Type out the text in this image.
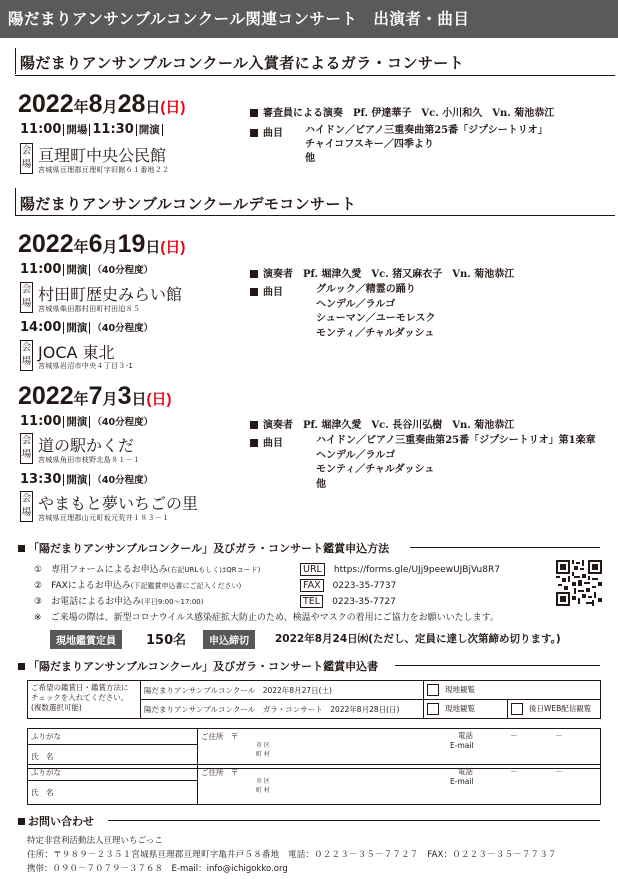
陽だまりアンサンブルコンクール関連コンサート　出演者・曲目
陽だまりアンサンブルコンクール入賞者によるガラ・コンサート
2022年8月28日(日)
11:00 開場 11:30 開演
会
場 亘理町中央公民館
宮城県亘理郡亘理町字旧館６１番地２２
審査員による演奏　 Pf. 伊達華子　Vc. 小川和久　Vn. 菊池恭江
曲目 ハイドン／ピアノ三重奏曲第25番「ジプシートリオ」
チャイコフスキー／四季より
他
陽だまりアンサンブルコンクールデモコンサート
2022年6月19日(日)
11:00 開演 （40分程度）
会
場 村田町歴史みらい館
宮城県柴田郡村田町村田迫８５
14:00 開演 （40分程度）
会
場 JOCA 東北
宮城県岩沼市中央４丁目３-1
演奏者　 Pf. 堀津久愛　Vc. 猪又麻衣子　Vn. 菊池恭江
曲目	グルック／精霊の踊り
ヘンデル／ラルゴ
シューマン／ユーモレスク
モンティ／チャルダッシュ
2022年7月3日(日)
11:00 開演 （40分程度）
会
場 道の駅かくだ
宮城県角田市枝野北島８１－１
13:30 開演 （40分程度）
会
場 やまもと夢いちごの里
宮城県亘理郡山元町坂元荒井１８３－１
演奏者　 Pf. 堀津久愛　Vc. 長谷川弘樹　Vn. 菊池恭江
曲目	ハイドン／ピアノ三重奏曲第25番「ジプシートリオ」第1楽章
ヘンデル／ラルゴ
モンティ／チャルダッシュ
他
「陽だまりアンサンブルコンクール」及びガラ・コンサート鑑賞申込方法
①　 専用フォームによるお申込み(右記URLもしくはQRコード)	URL　 https://forms.gle/UJj9peewUJBjVu8R7
②　 FAXによるお申込み(下記鑑賞申込書にご記入ください)	FAX　 0223-35-7737
③　 お電話によるお申込み(平日9:00～17:00)	TEL　 0223-35-7727
※　 ご来場の際は、新型コロナウイルス感染症拡大防止のため、検温やマスクの着用にご協力をお願いいたします。
現地鑑賞定員	150名	申込締切	2022年8月24日㈬(ただし、定員に達し次第締め切ります。)
「陽だまりアンサンブルコンクール」及びガラ・コンサート鑑賞申込書
ご希望の鑑賞日・鑑賞方法に
チェックを入れてください。
(複数選択可能)	陽だまりアンサンブルコンクール　2022年8月27日(土)	現地観覧	
	陽だまりアンサンブルコンクール　ガラ・コンサート　2022年8月28日(日)	現地観覧	後日WEB配信観覧
ふりがな	ご住所　〒
市 区
町 村
電話	－	－
E-mail

氏　名
ふりがな	ご住所　〒
市 区
町 村
電話	－	－
E-mail

氏　名
お問い合わせ
特定非営利活動法人亘理いちごっこ
住所：〒９８９－２３５１宮城県亘理郡亘理町字亀井戸５８番地　電話：０２２３－３５－７７２７　FAX：０２２３－３５－７７３７
携帯：０９０－７０７９－３７６８　E-mail：info@ichigokko.org
